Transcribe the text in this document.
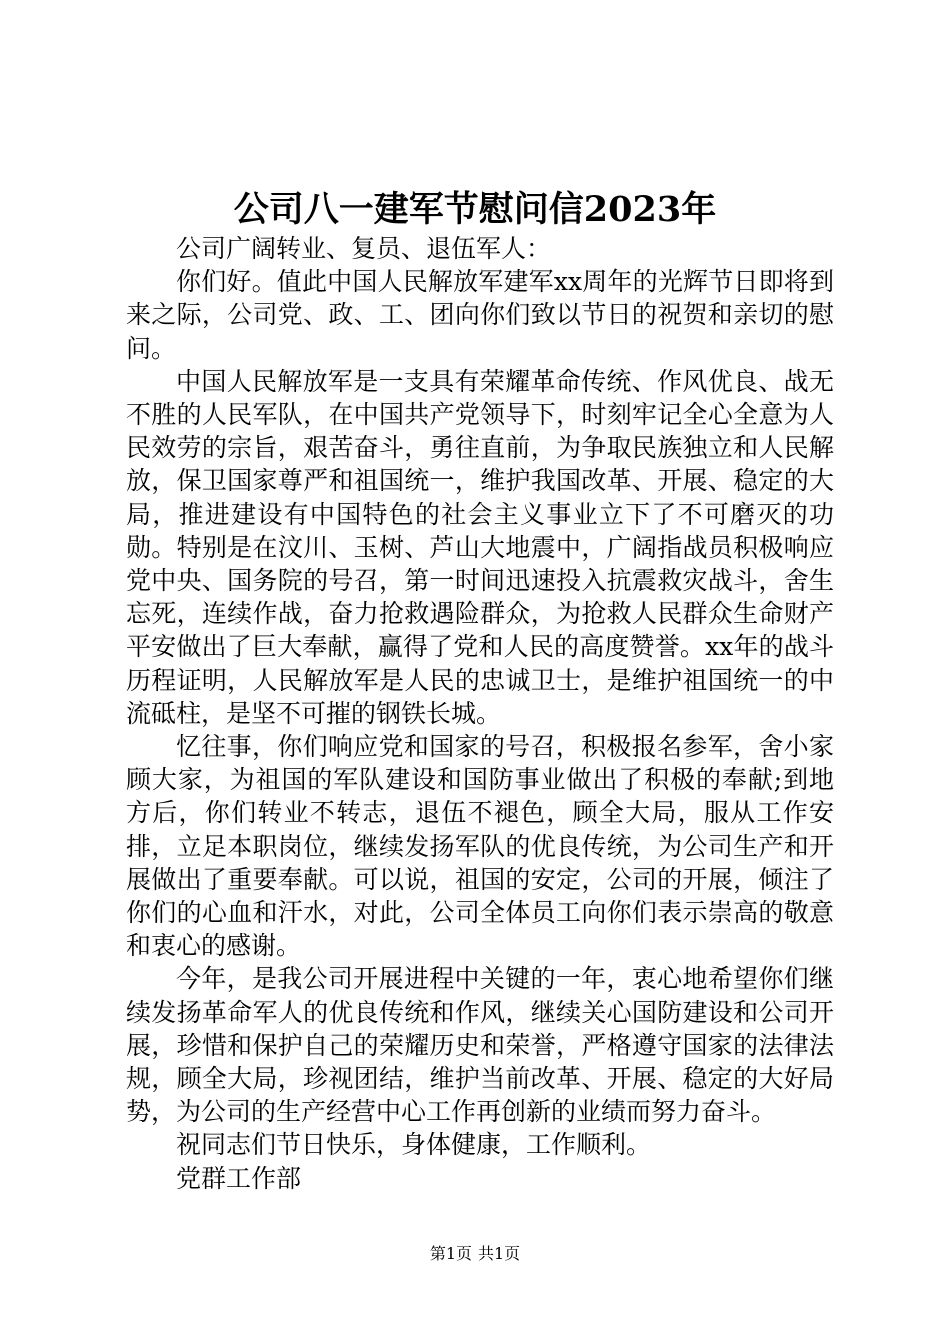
公司八一建军节慰问信2023年

公司广阔转业、复员、退伍军人：

你们好。值此中国人民解放军建军xx周年的光辉节日即将到来之际，公司党、政、工、团向你们致以节日的祝贺和亲切的慰问。

中国人民解放军是一支具有荣耀革命传统、作风优良、战无不胜的人民军队，在中国共产党领导下，时刻牢记全心全意为人民效劳的宗旨，艰苦奋斗，勇往直前，为争取民族独立和人民解放，保卫国家尊严和祖国统一，维护我国改革、开展、稳定的大局，推进建设有中国特色的社会主义事业立下了不可磨灭的功勋。特别是在汶川、玉树、芦山大地震中，广阔指战员积极响应党中央、国务院的号召，第一时间迅速投入抗震救灾战斗，舍生忘死，连续作战，奋力抢救遇险群众，为抢救人民群众生命财产平安做出了巨大奉献，赢得了党和人民的高度赞誉。xx年的战斗历程证明，人民解放军是人民的忠诚卫士，是维护祖国统一的中流砥柱，是坚不可摧的钢铁长城。

忆往事，你们响应党和国家的号召，积极报名参军，舍小家顾大家，为祖国的军队建设和国防事业做出了积极的奉献;到地方后，你们转业不转志，退伍不褪色，顾全大局，服从工作安排，立足本职岗位，继续发扬军队的优良传统，为公司生产和开展做出了重要奉献。可以说，祖国的安定，公司的开展，倾注了你们的心血和汗水，对此，公司全体员工向你们表示崇高的敬意和衷心的感谢。

今年，是我公司开展进程中关键的一年，衷心地希望你们继续发扬革命军人的优良传统和作风，继续关心国防建设和公司开展，珍惜和保护自己的荣耀历史和荣誉，严格遵守国家的法律法规，顾全大局，珍视团结，维护当前改革、开展、稳定的大好局势，为公司的生产经营中心工作再创新的业绩而努力奋斗。

祝同志们节日快乐，身体健康，工作顺利。

党群工作部

第1页 共1页
